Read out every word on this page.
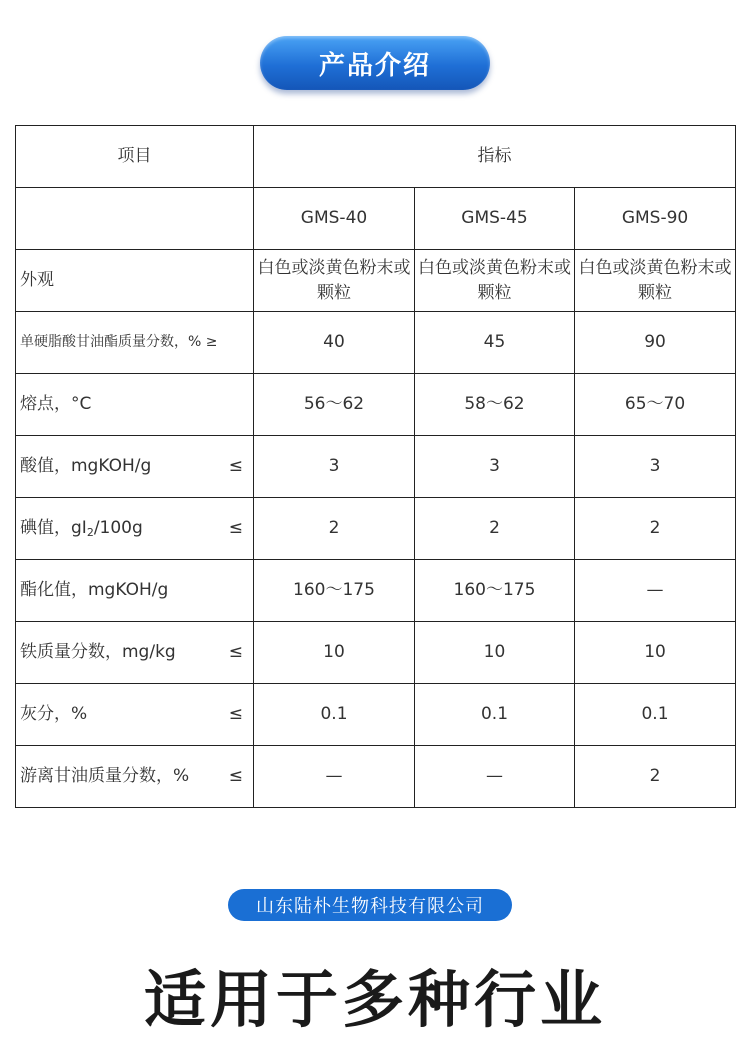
产品介绍
项目	指标		
	GMS-40	GMS-45	GMS-90
外观	白色或淡黄色粉末或颗粒	白色或淡黄色粉末或颗粒	白色或淡黄色粉末或颗粒
单硬脂酸甘油酯质量分数，% ≥	40	45	90
熔点，°C	56～62	58～62	65～70

酸值，mgKOH/g ≤	3	3	3

碘值，$gI_2/100g$ ≤	2	2	2
酯化值，mgKOH/g	160～175	160～175	—

铁质量分数，mg/kg ≤	10	10	10

灰分，% ≤	0.1	0.1	0.1

游离甘油质量分数，% ≤	—	—	2
山东陆朴生物科技有限公司
适用于多种行业
